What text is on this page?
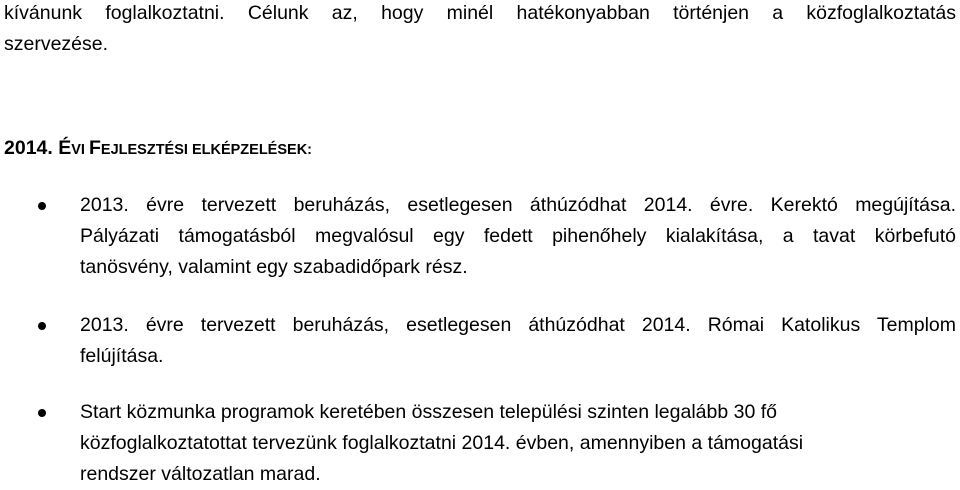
kívánunk foglalkoztatni. Célunk az, hogy minél hatékonyabban történjen a közfoglalkoztatás
szervezése.

2014. ÉVI FEJLESZTÉSI ELKÉPZELÉSEK:
2013. évre tervezett beruházás, esetlegesen áthúzódhat 2014. évre. Kerektó megújítása.
Pályázati támogatásból megvalósul egy fedett pihenőhely kialakítása, a tavat körbefutó
tanösvény, valamint egy szabadidőpark rész.
2013. évre tervezett beruházás, esetlegesen áthúzódhat 2014. Római Katolikus Templom
felújítása.
Start közmunka programok keretében összesen települési szinten legalább 30 fő
közfoglalkoztatottat tervezünk foglalkoztatni 2014. évben, amennyiben a támogatási
rendszer változatlan marad.
